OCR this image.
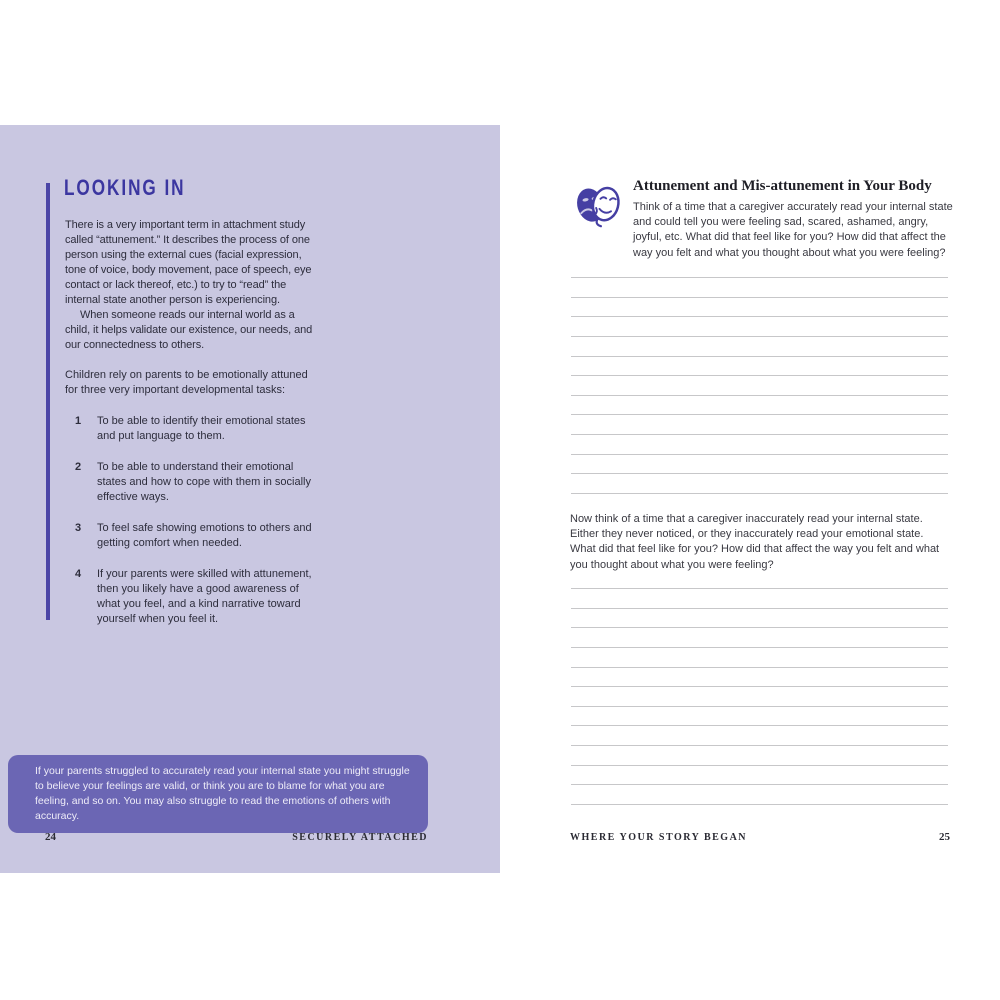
LOOKING IN

There is a very important term in attachment study called “attunement.” It describes the process of one person using the external cues (facial expression, tone of voice, body movement, pace of speech, eye contact or lack thereof, etc.) to try to “read” the internal state another person is experiencing.

When someone reads our internal world as a child, it helps validate our existence, our needs, and our connectedness to others.

Children rely on parents to be emotionally attuned for three very important developmental tasks:

1	To be able to identify their emotional states and put language to them.
2	To be able to understand their emotional states and how to cope with them in socially effective ways.
3	To feel safe showing emotions to others and getting comfort when needed.
4	If your parents were skilled with attunement, then you likely have a good awareness of what you feel, and a kind narrative toward yourself when you feel it.

If your parents struggled to accurately read your internal state you might struggle to believe your feelings are valid, or think you are to blame for what you are feeling, and so on. You may also struggle to read the emotions of others with accuracy.

24	SECURELY ATTACHED
Attunement and Mis-attunement in Your Body

Think of a time that a caregiver accurately read your internal state and could tell you were feeling sad, scared, ashamed, angry, joyful, etc. What did that feel like for you? How did that affect the way you felt and what you thought about what you were feeling?

Now think of a time that a caregiver inaccurately read your internal state. Either they never noticed, or they inaccurately read your emotional state. What did that feel like for you? How did that affect the way you felt and what you thought about what you were feeling?

WHERE YOUR STORY BEGAN	25
